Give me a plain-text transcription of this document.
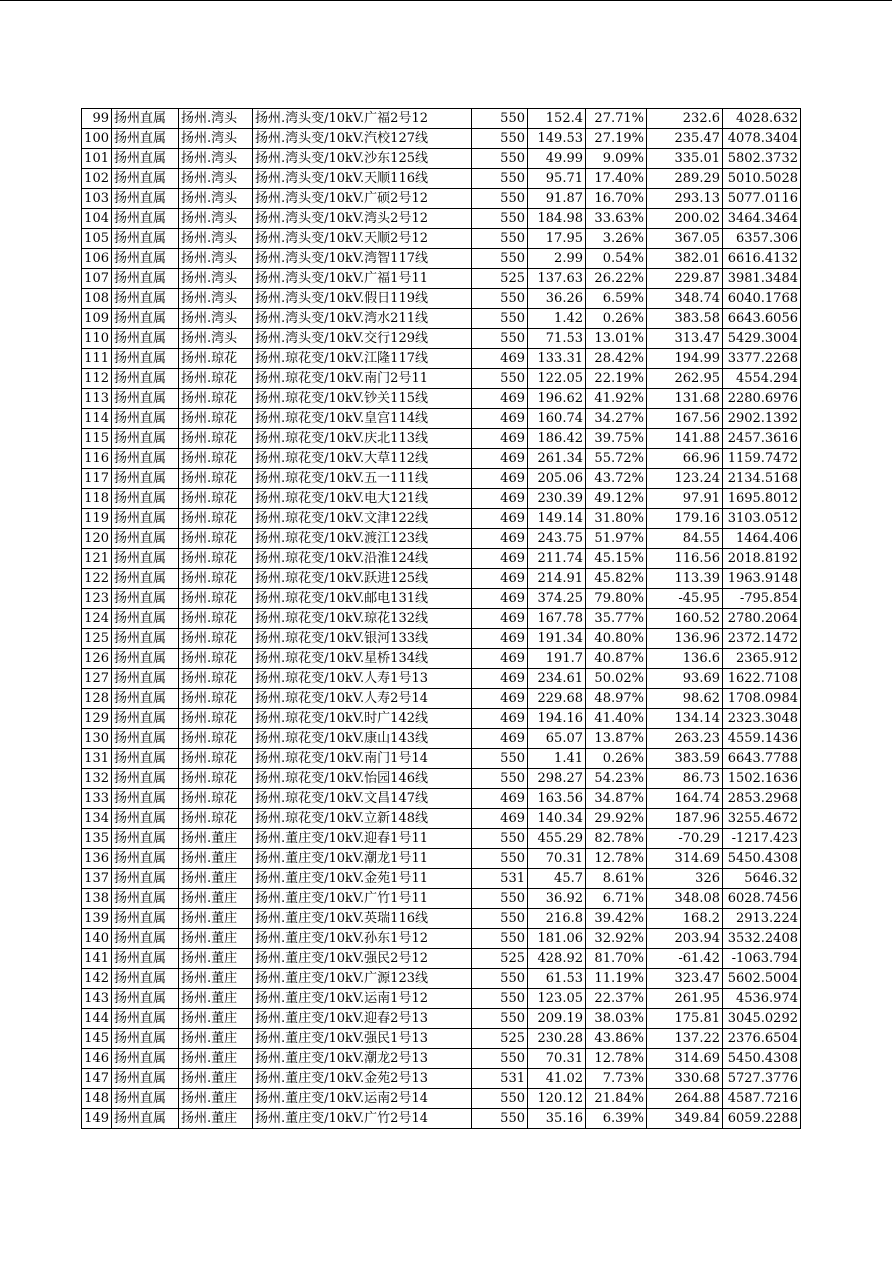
99	扬州直属	扬州.湾头	扬州.湾头变/10kV.广福2号12	550	152.4	27.71%	232.6	4028.632
100	扬州直属	扬州.湾头	扬州.湾头变/10kV.汽校127线	550	149.53	27.19%	235.47	4078.3404
101	扬州直属	扬州.湾头	扬州.湾头变/10kV.沙东125线	550	49.99	9.09%	335.01	5802.3732
102	扬州直属	扬州.湾头	扬州.湾头变/10kV.天顺116线	550	95.71	17.40%	289.29	5010.5028
103	扬州直属	扬州.湾头	扬州.湾头变/10kV.广硕2号12	550	91.87	16.70%	293.13	5077.0116
104	扬州直属	扬州.湾头	扬州.湾头变/10kV.湾头2号12	550	184.98	33.63%	200.02	3464.3464
105	扬州直属	扬州.湾头	扬州.湾头变/10kV.天顺2号12	550	17.95	3.26%	367.05	6357.306
106	扬州直属	扬州.湾头	扬州.湾头变/10kV.湾智117线	550	2.99	0.54%	382.01	6616.4132
107	扬州直属	扬州.湾头	扬州.湾头变/10kV.广福1号11	525	137.63	26.22%	229.87	3981.3484
108	扬州直属	扬州.湾头	扬州.湾头变/10kV.假日119线	550	36.26	6.59%	348.74	6040.1768
109	扬州直属	扬州.湾头	扬州.湾头变/10kV.湾水211线	550	1.42	0.26%	383.58	6643.6056
110	扬州直属	扬州.湾头	扬州.湾头变/10kV.交行129线	550	71.53	13.01%	313.47	5429.3004
111	扬州直属	扬州.琼花	扬州.琼花变/10kV.江隆117线	469	133.31	28.42%	194.99	3377.2268
112	扬州直属	扬州.琼花	扬州.琼花变/10kV.南门2号11	550	122.05	22.19%	262.95	4554.294
113	扬州直属	扬州.琼花	扬州.琼花变/10kV.钞关115线	469	196.62	41.92%	131.68	2280.6976
114	扬州直属	扬州.琼花	扬州.琼花变/10kV.皇宫114线	469	160.74	34.27%	167.56	2902.1392
115	扬州直属	扬州.琼花	扬州.琼花变/10kV.庆北113线	469	186.42	39.75%	141.88	2457.3616
116	扬州直属	扬州.琼花	扬州.琼花变/10kV.大草112线	469	261.34	55.72%	66.96	1159.7472
117	扬州直属	扬州.琼花	扬州.琼花变/10kV.五一111线	469	205.06	43.72%	123.24	2134.5168
118	扬州直属	扬州.琼花	扬州.琼花变/10kV.电大121线	469	230.39	49.12%	97.91	1695.8012
119	扬州直属	扬州.琼花	扬州.琼花变/10kV.文津122线	469	149.14	31.80%	179.16	3103.0512
120	扬州直属	扬州.琼花	扬州.琼花变/10kV.渡江123线	469	243.75	51.97%	84.55	1464.406
121	扬州直属	扬州.琼花	扬州.琼花变/10kV.沿淮124线	469	211.74	45.15%	116.56	2018.8192
122	扬州直属	扬州.琼花	扬州.琼花变/10kV.跃进125线	469	214.91	45.82%	113.39	1963.9148
123	扬州直属	扬州.琼花	扬州.琼花变/10kV.邮电131线	469	374.25	79.80%	-45.95	-795.854
124	扬州直属	扬州.琼花	扬州.琼花变/10kV.琼花132线	469	167.78	35.77%	160.52	2780.2064
125	扬州直属	扬州.琼花	扬州.琼花变/10kV.银河133线	469	191.34	40.80%	136.96	2372.1472
126	扬州直属	扬州.琼花	扬州.琼花变/10kV.星桥134线	469	191.7	40.87%	136.6	2365.912
127	扬州直属	扬州.琼花	扬州.琼花变/10kV.人寿1号13	469	234.61	50.02%	93.69	1622.7108
128	扬州直属	扬州.琼花	扬州.琼花变/10kV.人寿2号14	469	229.68	48.97%	98.62	1708.0984
129	扬州直属	扬州.琼花	扬州.琼花变/10kV.时广142线	469	194.16	41.40%	134.14	2323.3048
130	扬州直属	扬州.琼花	扬州.琼花变/10kV.康山143线	469	65.07	13.87%	263.23	4559.1436
131	扬州直属	扬州.琼花	扬州.琼花变/10kV.南门1号14	550	1.41	0.26%	383.59	6643.7788
132	扬州直属	扬州.琼花	扬州.琼花变/10kV.怡园146线	550	298.27	54.23%	86.73	1502.1636
133	扬州直属	扬州.琼花	扬州.琼花变/10kV.文昌147线	469	163.56	34.87%	164.74	2853.2968
134	扬州直属	扬州.琼花	扬州.琼花变/10kV.立新148线	469	140.34	29.92%	187.96	3255.4672
135	扬州直属	扬州.董庄	扬州.董庄变/10kV.迎春1号11	550	455.29	82.78%	-70.29	-1217.423
136	扬州直属	扬州.董庄	扬州.董庄变/10kV.潮龙1号11	550	70.31	12.78%	314.69	5450.4308
137	扬州直属	扬州.董庄	扬州.董庄变/10kV.金苑1号11	531	45.7	8.61%	326	5646.32
138	扬州直属	扬州.董庄	扬州.董庄变/10kV.广竹1号11	550	36.92	6.71%	348.08	6028.7456
139	扬州直属	扬州.董庄	扬州.董庄变/10kV.英瑞116线	550	216.8	39.42%	168.2	2913.224
140	扬州直属	扬州.董庄	扬州.董庄变/10kV.孙东1号12	550	181.06	32.92%	203.94	3532.2408
141	扬州直属	扬州.董庄	扬州.董庄变/10kV.强民2号12	525	428.92	81.70%	-61.42	-1063.794
142	扬州直属	扬州.董庄	扬州.董庄变/10kV.广源123线	550	61.53	11.19%	323.47	5602.5004
143	扬州直属	扬州.董庄	扬州.董庄变/10kV.运南1号12	550	123.05	22.37%	261.95	4536.974
144	扬州直属	扬州.董庄	扬州.董庄变/10kV.迎春2号13	550	209.19	38.03%	175.81	3045.0292
145	扬州直属	扬州.董庄	扬州.董庄变/10kV.强民1号13	525	230.28	43.86%	137.22	2376.6504
146	扬州直属	扬州.董庄	扬州.董庄变/10kV.潮龙2号13	550	70.31	12.78%	314.69	5450.4308
147	扬州直属	扬州.董庄	扬州.董庄变/10kV.金苑2号13	531	41.02	7.73%	330.68	5727.3776
148	扬州直属	扬州.董庄	扬州.董庄变/10kV.运南2号14	550	120.12	21.84%	264.88	4587.7216
149	扬州直属	扬州.董庄	扬州.董庄变/10kV.广竹2号14	550	35.16	6.39%	349.84	6059.2288
